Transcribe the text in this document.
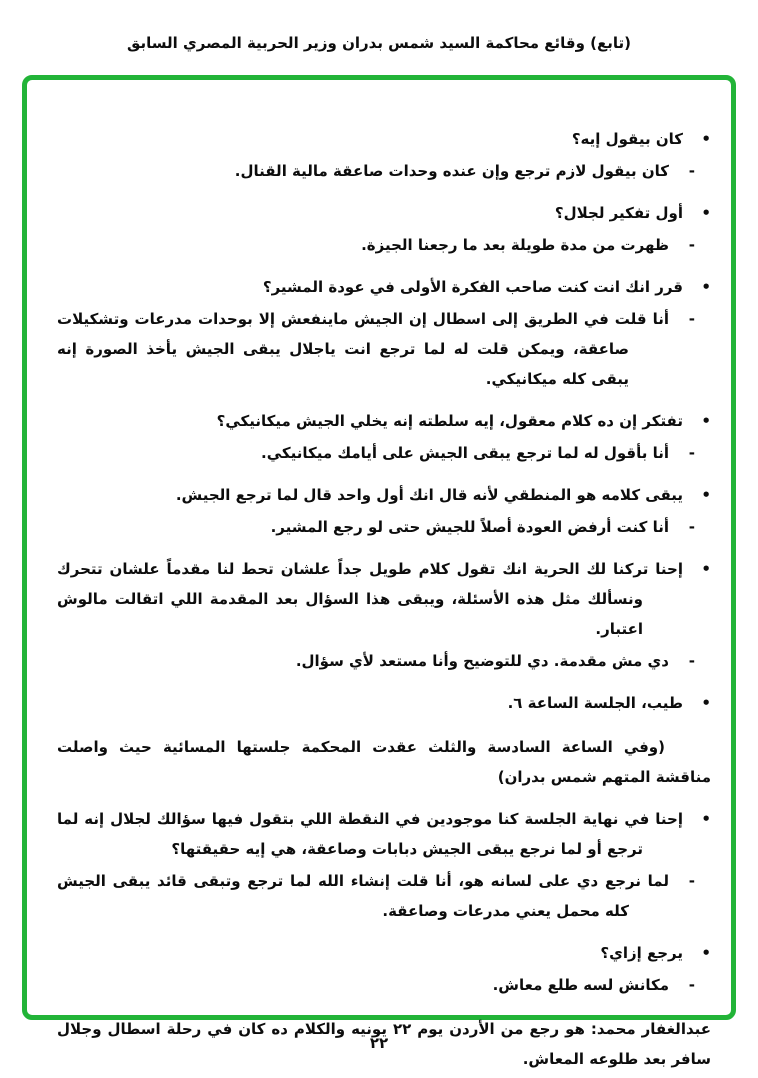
(تابع) وقائع محاكمة السيد شمس بدران وزير الحربية المصري السابق
•
كان بيقول إيه؟
-
كان بيقول لازم ترجع وإن عنده وحدات صاعقة مالية القنال.
•
أول تفكير لجلال؟
-
ظهرت من مدة طويلة بعد ما رجعنا الجيزة.
•
قرر انك انت كنت صاحب الفكرة الأولى في عودة المشير؟
-
أنا قلت في الطريق إلى اسطال إن الجيش ماينفعش إلا بوحدات مدرعات وتشكيلات صاعقة، ويمكن قلت له لما ترجع انت ياجلال يبقى الجيش يأخذ الصورة إنه يبقى كله ميكانيكي.
•
تفتكر إن ده كلام معقول، إيه سلطته إنه يخلي الجيش ميكانيكي؟
-
أنا بأقول له لما ترجع يبقى الجيش على أيامك ميكانيكي.
•
يبقى كلامه هو المنطقي لأنه قال انك أول واحد قال لما ترجع الجيش.
-
أنا كنت أرفض العودة أصلاً للجيش حتى لو رجع المشير.
•
إحنا تركنا لك الحرية انك تقول كلام طويل جداً علشان تحط لنا مقدماً علشان تتحرك ونسألك مثل هذه الأسئلة، ويبقى هذا السؤال بعد المقدمة اللي اتقالت مالوش اعتبار.
-
دي مش مقدمة. دي للتوضيح وأنا مستعد لأي سؤال.
•
طيب، الجلسة الساعة ٦.
(وفي الساعة السادسة والثلث عقدت المحكمة جلستها المسائية حيث واصلت مناقشة المتهم شمس بدران)
•
إحنا في نهاية الجلسة كنا موجودين في النقطة اللي بتقول فيها سؤالك لجلال إنه لما ترجع أو لما نرجع يبقى الجيش دبابات وصاعقة، هي إيه حقيقتها؟
-
لما نرجع دي على لسانه هو، أنا قلت إنشاء الله لما ترجع وتبقى قائد يبقى الجيش كله محمل يعني مدرعات وصاعقة.
•
يرجع إزاي؟
-
مكانش لسه طلع معاش.
عبدالغفار محمد: هو رجع من الأردن يوم ٢٢ يونيه والكلام ده كان في رحلة اسطال وجلال سافر بعد طلوعه المعاش.
٢٢
